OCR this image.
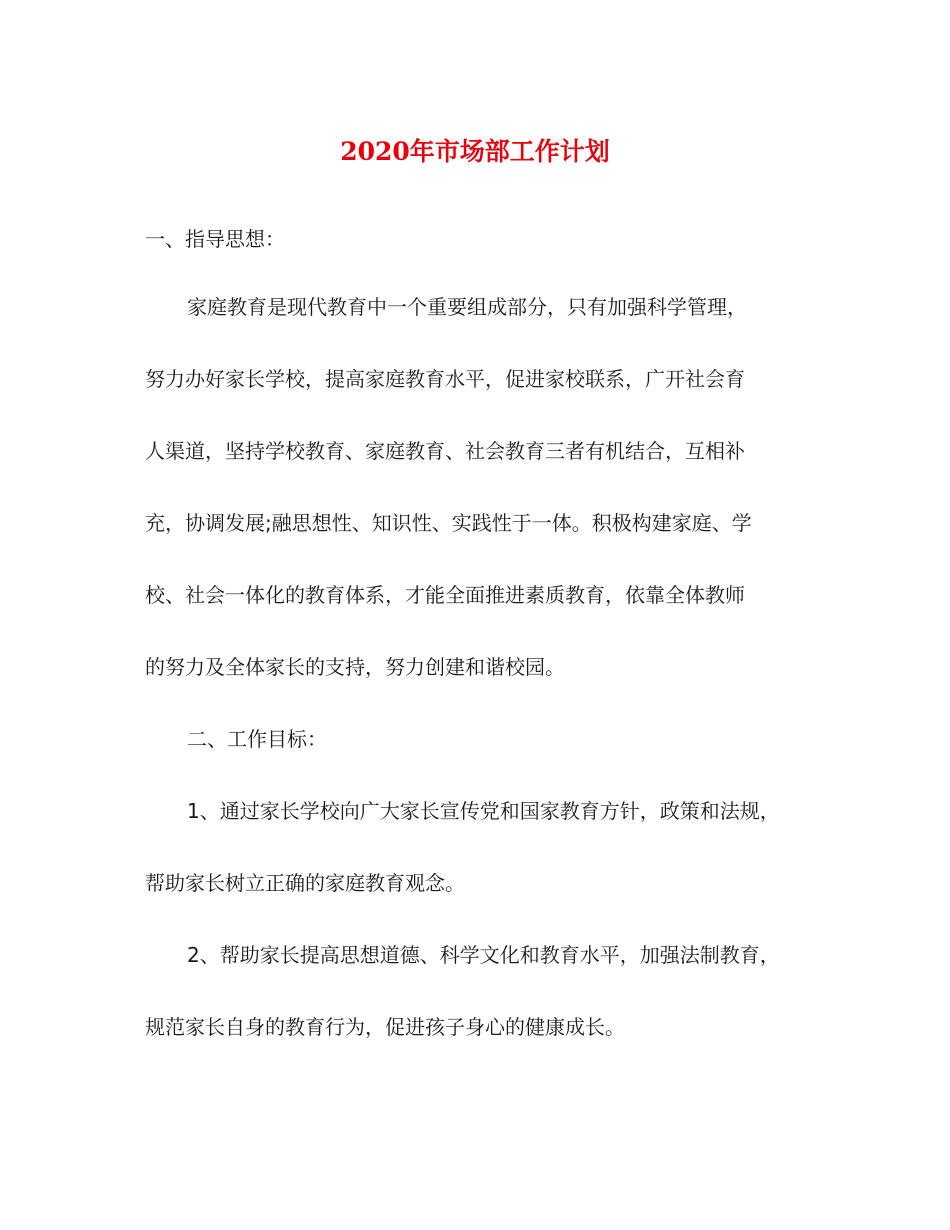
2020年市场部工作计划

一、指导思想：

家庭教育是现代教育中一个重要组成部分，只有加强科学管理，

努力办好家长学校，提高家庭教育水平，促进家校联系，广开社会育

人渠道，坚持学校教育、家庭教育、社会教育三者有机结合，互相补

充，协调发展;融思想性、知识性、实践性于一体。积极构建家庭、学

校、社会一体化的教育体系，才能全面推进素质教育，依靠全体教师

的努力及全体家长的支持，努力创建和谐校园。

二、工作目标：

1、通过家长学校向广大家长宣传党和国家教育方针，政策和法规，

帮助家长树立正确的家庭教育观念。

2、帮助家长提高思想道德、科学文化和教育水平，加强法制教育，

规范家长自身的教育行为，促进孩子身心的健康成长。
